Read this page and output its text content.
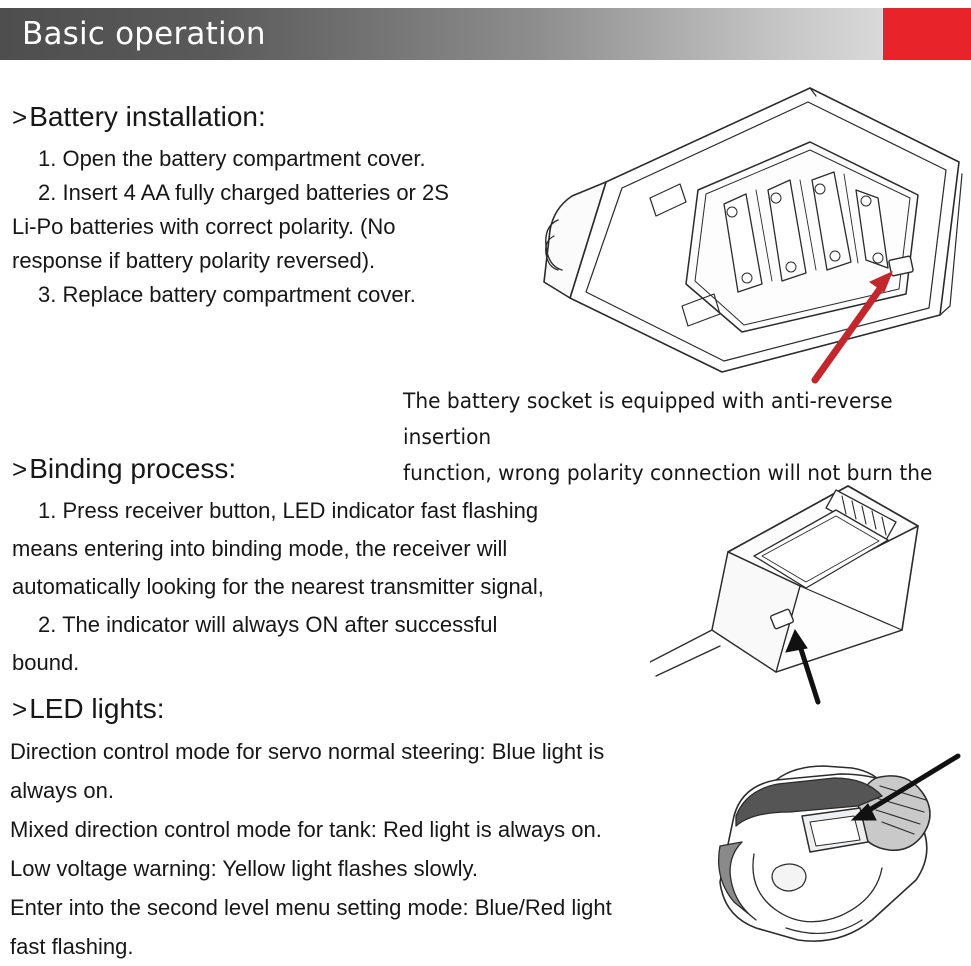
Basic operation
>Battery installation:
1. Open the battery compartment cover.
2. Insert 4 AA fully charged batteries or 2S
Li-Po batteries with correct polarity. (No
response if battery polarity reversed).
3. Replace battery compartment cover.
The battery socket is equipped with anti-reverse insertion
function, wrong polarity connection will not burn the
>Binding process:
1. Press receiver button, LED indicator fast flashing
means entering into binding mode, the receiver will
automatically looking for the nearest transmitter signal,
2. The indicator will always ON after successful
bound.
>LED lights:
Direction control mode for servo normal steering: Blue light is
always on.
Mixed direction control mode for tank: Red light is always on.
Low voltage warning: Yellow light flashes slowly.
Enter into the second level menu setting mode: Blue/Red light
fast flashing.
